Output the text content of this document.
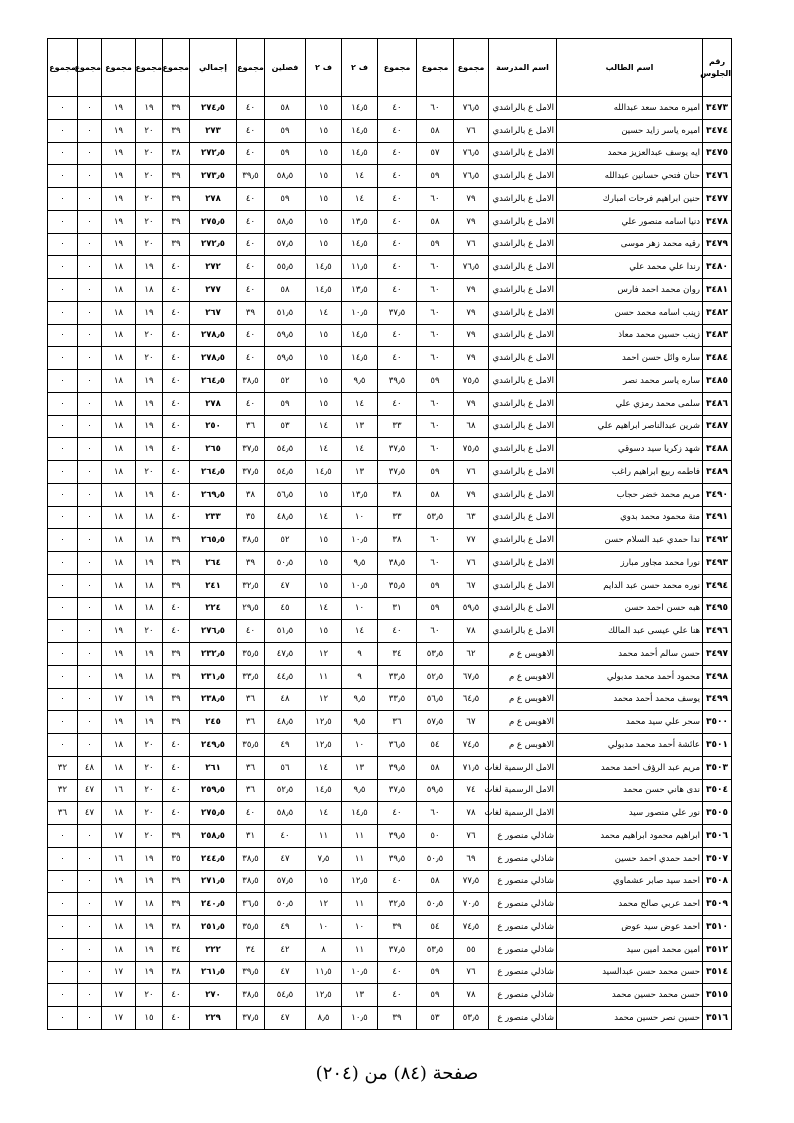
رقم الجلوس	اسم الطالب	اسم المدرسة	مجموع	مجموع	مجموع	ف ٢	ف ٢	فصلين	مجموع	إجمالي	مجموع	مجموع	مجموع	مجموع	مجموع
٣٤٧٣	اميره محمد سعد عبدالله	الامل ع بالراشدي	٧٦٫٥	٦٠	٤٠	١٤٫٥	١٥	٥٨	٤٠	٢٧٤٫٥	٣٩	١٩	١٩	٠	٠
٣٤٧٤	اميره ياسر زايد حسين	الامل ع بالراشدي	٧٦	٥٨	٤٠	١٤٫٥	١٥	٥٩	٤٠	٢٧٣	٣٩	٢٠	١٩	٠	٠
٣٤٧٥	ايه يوسف عبدالعزيز محمد	الامل ع بالراشدي	٧٦٫٥	٥٧	٤٠	١٤٫٥	١٥	٥٩	٤٠	٢٧٢٫٥	٣٨	٢٠	١٩	٠	٠
٣٤٧٦	حنان فتحي حسانين عبدالله	الامل ع بالراشدي	٧٦٫٥	٥٩	٤٠	١٤	١٥	٥٨٫٥	٣٩٫٥	٢٧٣٫٥	٣٩	٢٠	١٩	٠	٠
٣٤٧٧	حنين ابراهيم فرحات امبارك	الامل ع بالراشدي	٧٩	٦٠	٤٠	١٤	١٥	٥٩	٤٠	٢٧٨	٣٩	٢٠	١٩	٠	٠
٣٤٧٨	دنيا اسامه منصور علي	الامل ع بالراشدي	٧٩	٥٨	٤٠	١٣٫٥	١٥	٥٨٫٥	٤٠	٢٧٥٫٥	٣٩	٢٠	١٩	٠	٠
٣٤٧٩	رقيه محمد زهر موسى	الامل ع بالراشدي	٧٦	٥٩	٤٠	١٤٫٥	١٥	٥٧٫٥	٤٠	٢٧٢٫٥	٣٩	٢٠	١٩	٠	٠
٣٤٨٠	رندا علي محمد علي	الامل ع بالراشدي	٧٦٫٥	٦٠	٤٠	١١٫٥	١٤٫٥	٥٥٫٥	٤٠	٢٧٢	٤٠	١٩	١٨	٠	٠
٣٤٨١	روان محمد احمد فارس	الامل ع بالراشدي	٧٩	٦٠	٤٠	١٣٫٥	١٤٫٥	٥٨	٤٠	٢٧٧	٤٠	١٨	١٨	٠	٠
٣٤٨٢	زينب اسامه محمد حسن	الامل ع بالراشدي	٧٩	٦٠	٣٧٫٥	١٠٫٥	١٤	٥١٫٥	٣٩	٢٦٧	٤٠	١٩	١٨	٠	٠
٣٤٨٣	زينب حسين محمد معاذ	الامل ع بالراشدي	٧٩	٦٠	٤٠	١٤٫٥	١٥	٥٩٫٥	٤٠	٢٧٨٫٥	٤٠	٢٠	١٨	٠	٠
٣٤٨٤	ساره وائل حسن احمد	الامل ع بالراشدي	٧٩	٦٠	٤٠	١٤٫٥	١٥	٥٩٫٥	٤٠	٢٧٨٫٥	٤٠	٢٠	١٨	٠	٠
٣٤٨٥	ساره ياسر محمد نصر	الامل ع بالراشدي	٧٥٫٥	٥٩	٣٩٫٥	٩٫٥	١٥	٥٢	٣٨٫٥	٢٦٤٫٥	٤٠	١٩	١٨	٠	٠
٣٤٨٦	سلمى محمد رمزي علي	الامل ع بالراشدي	٧٩	٦٠	٤٠	١٤	١٥	٥٩	٤٠	٢٧٨	٤٠	١٩	١٨	٠	٠
٣٤٨٧	شرين عبدالناصر ابراهيم علي	الامل ع بالراشدي	٦٨	٦٠	٣٣	١٣	١٤	٥٣	٣٦	٢٥٠	٤٠	١٩	١٨	٠	٠
٣٤٨٨	شهد زكريا سيد دسوقي	الامل ع بالراشدي	٧٥٫٥	٦٠	٣٧٫٥	١٤	١٤	٥٤٫٥	٣٧٫٥	٢٦٥	٤٠	١٩	١٨	٠	٠
٣٤٨٩	فاطمه ربيع ابراهيم راغب	الامل ع بالراشدي	٧٦	٥٩	٣٧٫٥	١٣	١٤٫٥	٥٤٫٥	٣٧٫٥	٢٦٤٫٥	٤٠	٢٠	١٨	٠	٠
٣٤٩٠	مريم محمد خضر حجاب	الامل ع بالراشدي	٧٩	٥٨	٣٨	١٣٫٥	١٥	٥٦٫٥	٣٨	٢٦٩٫٥	٤٠	١٩	١٨	٠	٠
٣٤٩١	منة محمود محمد بدوي	الامل ع بالراشدي	٦٣	٥٣٫٥	٣٣	١٠	١٤	٤٨٫٥	٣٥	٢٣٣	٤٠	١٨	١٨	٠	٠
٣٤٩٢	ندا حمدي عبد السلام حسن	الامل ع بالراشدي	٧٧	٦٠	٣٨	١٠٫٥	١٥	٥٢	٣٨٫٥	٢٦٥٫٥	٣٩	١٨	١٨	٠	٠
٣٤٩٣	نورا محمد مجاور مبارز	الامل ع بالراشدي	٧٦	٦٠	٣٨٫٥	٩٫٥	١٥	٥٠٫٥	٣٩	٢٦٤	٣٩	١٩	١٨	٠	٠
٣٤٩٤	نوره محمد حسن عبد الدايم	الامل ع بالراشدي	٦٧	٥٩	٣٥٫٥	١٠٫٥	١٥	٤٧	٣٢٫٥	٢٤١	٣٩	١٨	١٨	٠	٠
٣٤٩٥	هبه حسن احمد حسن	الامل ع بالراشدي	٥٩٫٥	٥٩	٣١	١٠	١٤	٤٥	٢٩٫٥	٢٢٤	٤٠	١٨	١٨	٠	٠
٣٤٩٦	هنا علي عيسى عبد المالك	الامل ع بالراشدي	٧٨	٦٠	٤٠	١٤	١٥	٥١٫٥	٤٠	٢٧٦٫٥	٤٠	٢٠	١٩	٠	٠
٣٤٩٧	حسن سالم أحمد محمد	الاهوبس ع م	٦٢	٥٣٫٥	٣٤	٩	١٢	٤٧٫٥	٣٥٫٥	٢٣٢٫٥	٣٩	١٩	١٩	٠	٠
٣٤٩٨	محمود أحمد محمد مدبولي	الاهوبس ع م	٦٧٫٥	٥٢٫٥	٣٣٫٥	٩	١١	٤٤٫٥	٣٣٫٥	٢٣١٫٥	٣٩	١٨	١٩	٠	٠
٣٤٩٩	يوسف محمد أحمد محمد	الاهوبس ع م	٦٤٫٥	٥٦٫٥	٣٣٫٥	٩٫٥	١٢	٤٨	٣٦	٢٣٨٫٥	٣٩	١٩	١٧	٠	٠
٣٥٠٠	سحر علي سيد محمد	الاهوبس ع م	٦٧	٥٧٫٥	٣٦	٩٫٥	١٢٫٥	٤٨٫٥	٣٦	٢٤٥	٣٩	١٩	١٩	٠	٠
٣٥٠١	عائشة أحمد محمد مدبولي	الاهوبس ع م	٧٤٫٥	٥٤	٣٦٫٥	١٠	١٢٫٥	٤٩	٣٥٫٥	٢٤٩٫٥	٤٠	٢٠	١٨	٠	٠
٣٥٠٣	مريم عبد الرؤف احمد محمد	الامل الرسمية لغات	٧١٫٥	٥٨	٣٩٫٥	١٣	١٤	٥٦	٣٦	٢٦١	٤٠	٢٠	١٨	٤٨	٣٢
٣٥٠٤	ندى هاني حسن محمد	الامل الرسمية لغات	٧٤	٥٩٫٥	٣٧٫٥	٩٫٥	١٤٫٥	٥٢٫٥	٣٦	٢٥٩٫٥	٤٠	٢٠	١٦	٤٧	٣٢
٣٥٠٥	نور علي منصور سيد	الامل الرسمية لغات	٧٨	٦٠	٤٠	١٤٫٥	١٤	٥٨٫٥	٤٠	٢٧٥٫٥	٤٠	٢٠	١٨	٤٧	٣٦
٣٥٠٦	ابراهيم محمود ابراهيم محمد	شاذلي منصور ع	٧٦	٥٠	٣٩٫٥	١١	١١	٤٠	٣١	٢٥٨٫٥	٣٩	٢٠	١٧	٠	٠
٣٥٠٧	احمد حمدي احمد حسين	شاذلي منصور ع	٦٩	٥٠٫٥	٣٩٫٥	١١	٧٫٥	٤٧	٣٨٫٥	٢٤٤٫٥	٣٥	١٩	١٦	٠	٠
٣٥٠٨	احمد سيد صابر عشماوي	شاذلي منصور ع	٧٧٫٥	٥٨	٤٠	١٢٫٥	١٥	٥٧٫٥	٣٨٫٥	٢٧١٫٥	٣٩	١٩	١٩	٠	٠
٣٥٠٩	احمد عربي صالح محمد	شاذلي منصور ع	٧٠٫٥	٥٠٫٥	٣٢٫٥	١١	١٢	٥٠٫٥	٣٦٫٥	٢٤٠٫٥	٣٩	١٨	١٧	٠	٠
٣٥١٠	احمد عوض سيد عوض	شاذلي منصور ع	٧٤٫٥	٥٤	٣٩	١٠	١٠	٤٩	٣٥٫٥	٢٥١٫٥	٣٨	١٩	١٨	٠	٠
٣٥١٢	امين محمد امين سيد	شاذلي منصور ع	٥٥	٥٣٫٥	٣٧٫٥	١١	٨	٤٢	٣٤	٢٢٢	٣٤	١٩	١٨	٠	٠
٣٥١٤	حسن محمد حسن عبدالسيد	شاذلي منصور ع	٧٦	٥٩	٤٠	١٠٫٥	١١٫٥	٤٧	٣٩٫٥	٢٦١٫٥	٣٨	١٩	١٧	٠	٠
٣٥١٥	حسن محمد حسين محمد	شاذلي منصور ع	٧٨	٥٩	٤٠	١٣	١٢٫٥	٥٤٫٥	٣٨٫٥	٢٧٠	٤٠	٢٠	١٧	٠	٠
٣٥١٦	حسين نصر حسين محمد	شاذلي منصور ع	٥٣٫٥	٥٣	٣٩	١٠٫٥	٨٫٥	٤٧	٣٧٫٥	٢٢٩	٤٠	١٥	١٧	٠	٠
صفحة (٨٤) من (٢٠٤)
